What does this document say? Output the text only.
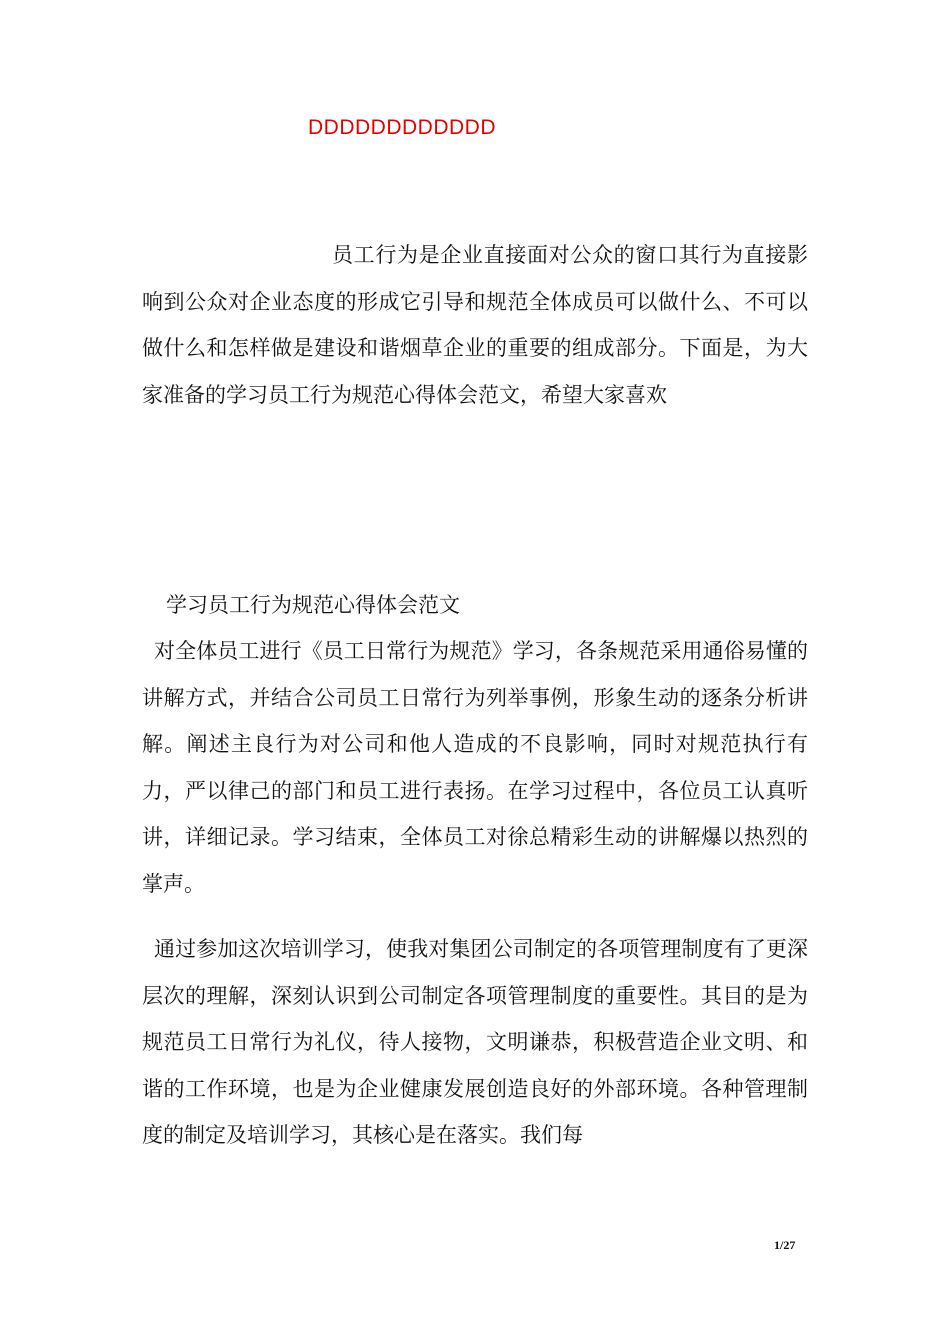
DDDDDDDDDDDD
员工行为是企业直接面对公众的窗口其行为直接影响到公众对企业态度的形成它引导和规范全体成员可以做什么、不可以做什么和怎样做是建设和谐烟草企业的重要的组成部分。下面是，为大家准备的学习员工行为规范心得体会范文，希望大家喜欢
学习员工行为规范心得体会范文
对全体员工进行《员工日常行为规范》学习，各条规范采用通俗易懂的讲解方式，并结合公司员工日常行为列举事例，形象生动的逐条分析讲解。阐述主良行为对公司和他人造成的不良影响，同时对规范执行有力，严以律己的部门和员工进行表扬。在学习过程中，各位员工认真听讲，详细记录。学习结束，全体员工对徐总精彩生动的讲解爆以热烈的掌声。
通过参加这次培训学习，使我对集团公司制定的各项管理制度有了更深层次的理解，深刻认识到公司制定各项管理制度的重要性。其目的是为规范员工日常行为礼仪，待人接物，文明谦恭，积极营造企业文明、和谐的工作环境，也是为企业健康发展创造良好的外部环境。各种管理制度的制定及培训学习，其核心是在落实。我们每
1/27
